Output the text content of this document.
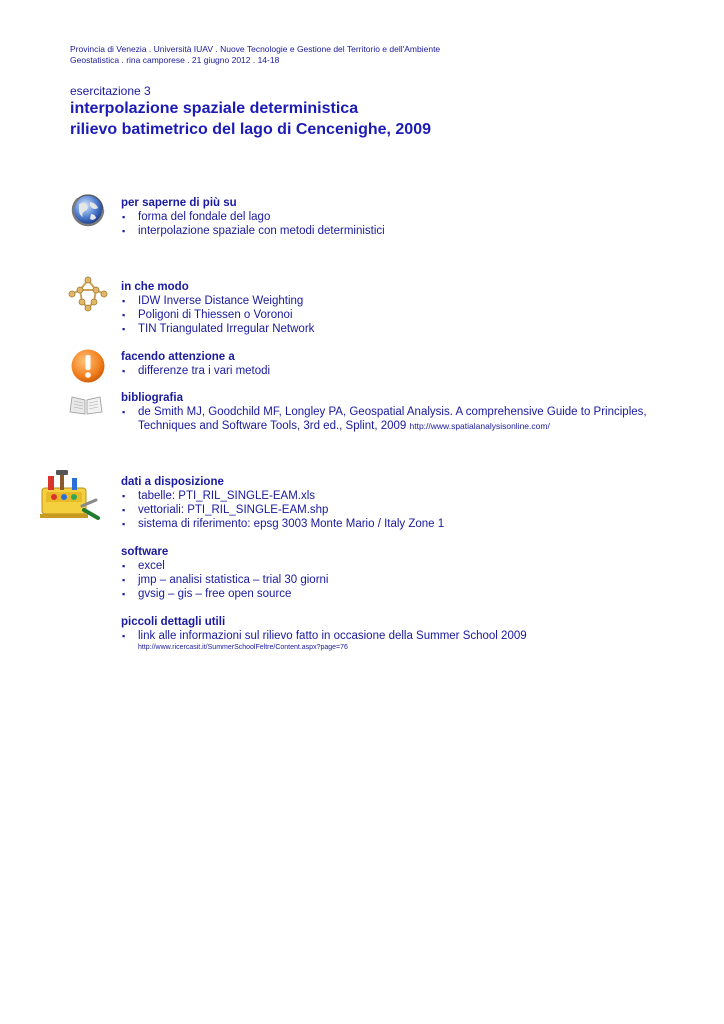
Provincia di Venezia . Università IUAV . Nuove Tecnologie e Gestione del Territorio e dell'Ambiente
Geostatistica . rina camporese . 21 giugno 2012 . 14-18
esercitazione 3
interpolazione spaziale deterministica
rilievo batimetrico del lago di Cencenighe, 2009
per saperne di più su
▪ forma del fondale del lago
▪ interpolazione spaziale con metodi deterministici
in che modo
▪ IDW Inverse Distance Weighting
▪ Poligoni di Thiessen o Voronoi
▪ TIN Triangulated Irregular Network
facendo attenzione a
▪ differenze tra i vari metodi
bibliografia
▪ de Smith MJ, Goodchild MF, Longley PA, Geospatial Analysis. A comprehensive Guide to Principles, Techniques and Software Tools, 3rd ed., Splint, 2009 http://www.spatialanalysisonline.com/
dati a disposizione
▪ tabelle: PTI_RIL_SINGLE-EAM.xls
▪ vettoriali: PTI_RIL_SINGLE-EAM.shp
▪ sistema di riferimento: epsg 3003 Monte Mario / Italy Zone 1
software
▪ excel
▪ jmp – analisi statistica – trial 30 giorni
▪ gvsig – gis – free open source
piccoli dettagli utili
▪ link alle informazioni sul rilievo fatto in occasione della Summer School 2009
http://www.ricercasit.it/SummerSchoolFeltre/Content.aspx?page=76
